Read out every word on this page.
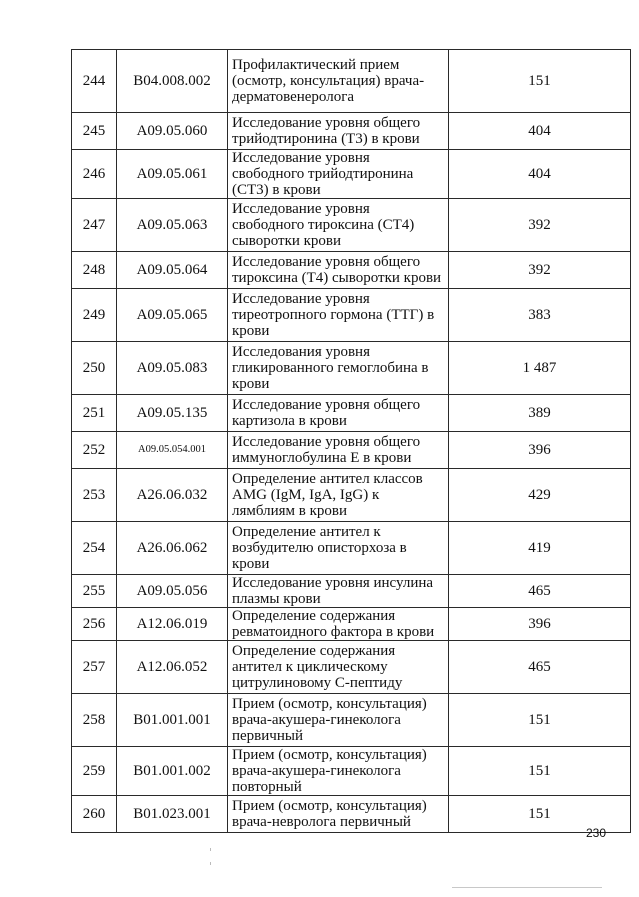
244	B04.008.002	Профилактический прием (осмотр, консультация) врача-дерматовенеролога	151
245	A09.05.060	Исследование уровня общего трийодтиронина (Т3) в крови	404
246	A09.05.061	Исследование уровня свободного трийодтиронина (СТ3) в крови	404
247	A09.05.063	Исследование уровня свободного тироксина (СТ4) сыворотки крови	392
248	A09.05.064	Исследование уровня общего тироксина (Т4) сыворотки крови	392
249	A09.05.065	Исследование уровня тиреотропного гормона (ТТГ) в крови	383
250	A09.05.083	Исследования уровня гликированного гемоглобина в крови	1 487
251	A09.05.135	Исследование уровня общего картизола в крови	389
252	A09.05.054.001	Исследование уровня общего иммуноглобулина Е в крови	396
253	A26.06.032	Определение антител классов AMG (IgM, IgA, IgG) к лямблиям в крови	429
254	A26.06.062	Определение антител к возбудителю описторхоза в крови	419
255	A09.05.056	Исследование уровня инсулина плазмы крови	465
256	A12.06.019	Определение содержания ревматоидного фактора в крови	396
257	A12.06.052	Определение содержания антител к циклическому цитрулиновому С-пептиду	465
258	B01.001.001	Прием (осмотр, консультация) врача-акушера-гинеколога первичный	151
259	B01.001.002	Прием (осмотр, консультация) врача-акушера-гинеколога повторный	151
260	B01.023.001	Прием (осмотр, консультация) врача-невролога первичный	151
230
